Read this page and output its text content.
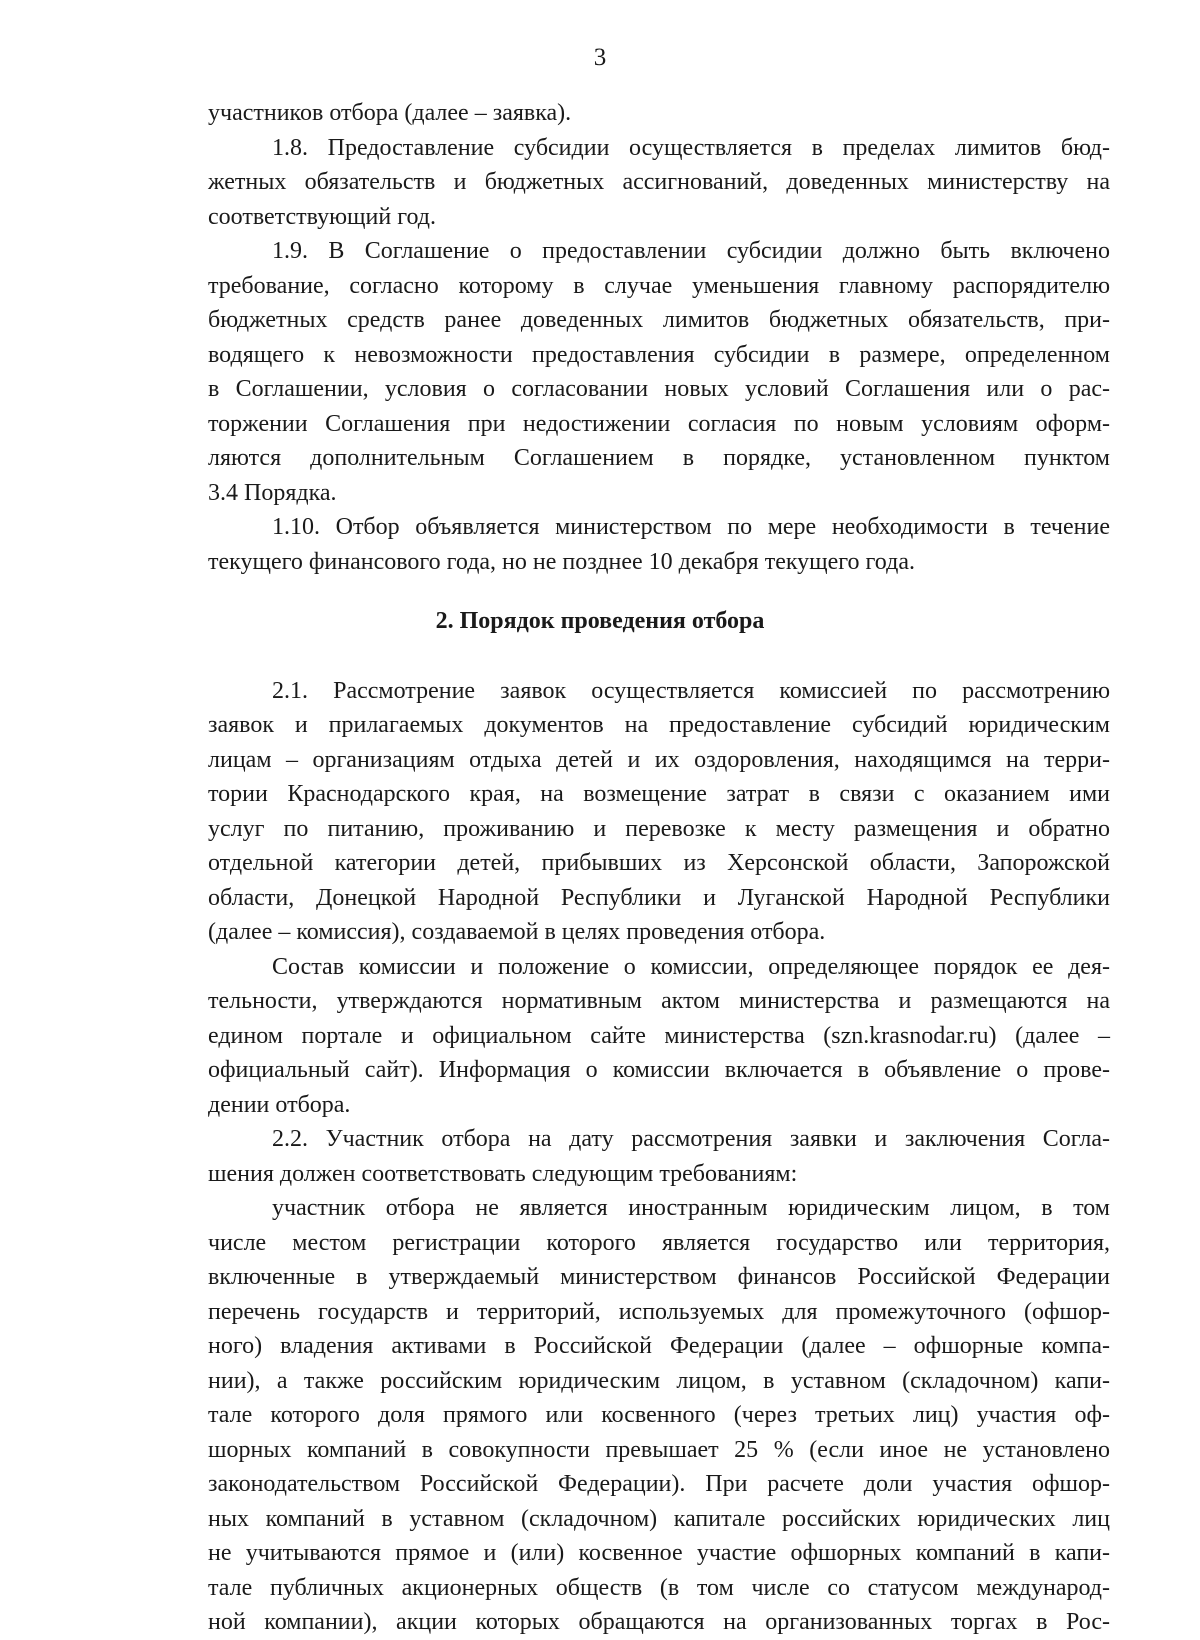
3
участников отбора (далее – заявка).
1.8. Предоставление субсидии осуществляется в пределах лимитов бюд-
жетных обязательств и бюджетных ассигнований, доведенных министерству на
соответствующий год.
1.9. В Соглашение о предоставлении субсидии должно быть включено
требование, согласно которому в случае уменьшения главному распорядителю
бюджетных средств ранее доведенных лимитов бюджетных обязательств, при-
водящего к невозможности предоставления субсидии в размере, определенном
в Соглашении, условия о согласовании новых условий Соглашения или о рас-
торжении Соглашения при недостижении согласия по новым условиям оформ-
ляются дополнительным Соглашением в порядке, установленном пунктом
3.4 Порядка.
1.10. Отбор объявляется министерством по мере необходимости в течение
текущего финансового года, но не позднее 10 декабря текущего года.
2. Порядок проведения отбора
2.1. Рассмотрение заявок осуществляется комиссией по рассмотрению
заявок и прилагаемых документов на предоставление субсидий юридическим
лицам – организациям отдыха детей и их оздоровления, находящимся на терри-
тории Краснодарского края, на возмещение затрат в связи с оказанием ими
услуг по питанию, проживанию и перевозке к месту размещения и обратно
отдельной категории детей, прибывших из Херсонской области, Запорожской
области, Донецкой Народной Республики и Луганской Народной Республики
(далее – комиссия), создаваемой в целях проведения отбора.
Состав комиссии и положение о комиссии, определяющее порядок ее дея-
тельности, утверждаются нормативным актом министерства и размещаются на
едином портале и официальном сайте министерства (szn.krasnodar.ru) (далее –
официальный сайт). Информация о комиссии включается в объявление о прове-
дении отбора.
2.2. Участник отбора на дату рассмотрения заявки и заключения Согла-
шения должен соответствовать следующим требованиям:
участник отбора не является иностранным юридическим лицом, в том
числе местом регистрации которого является государство или территория,
включенные в утверждаемый министерством финансов Российской Федерации
перечень государств и территорий, используемых для промежуточного (офшор-
ного) владения активами в Российской Федерации (далее – офшорные компа-
нии), а также российским юридическим лицом, в уставном (складочном) капи-
тале которого доля прямого или косвенного (через третьих лиц) участия оф-
шорных компаний в совокупности превышает 25 % (если иное не установлено
законодательством Российской Федерации). При расчете доли участия офшор-
ных компаний в уставном (складочном) капитале российских юридических лиц
не учитываются прямое и (или) косвенное участие офшорных компаний в капи-
тале публичных акционерных обществ (в том числе со статусом международ-
ной компании), акции которых обращаются на организованных торгах в Рос-
